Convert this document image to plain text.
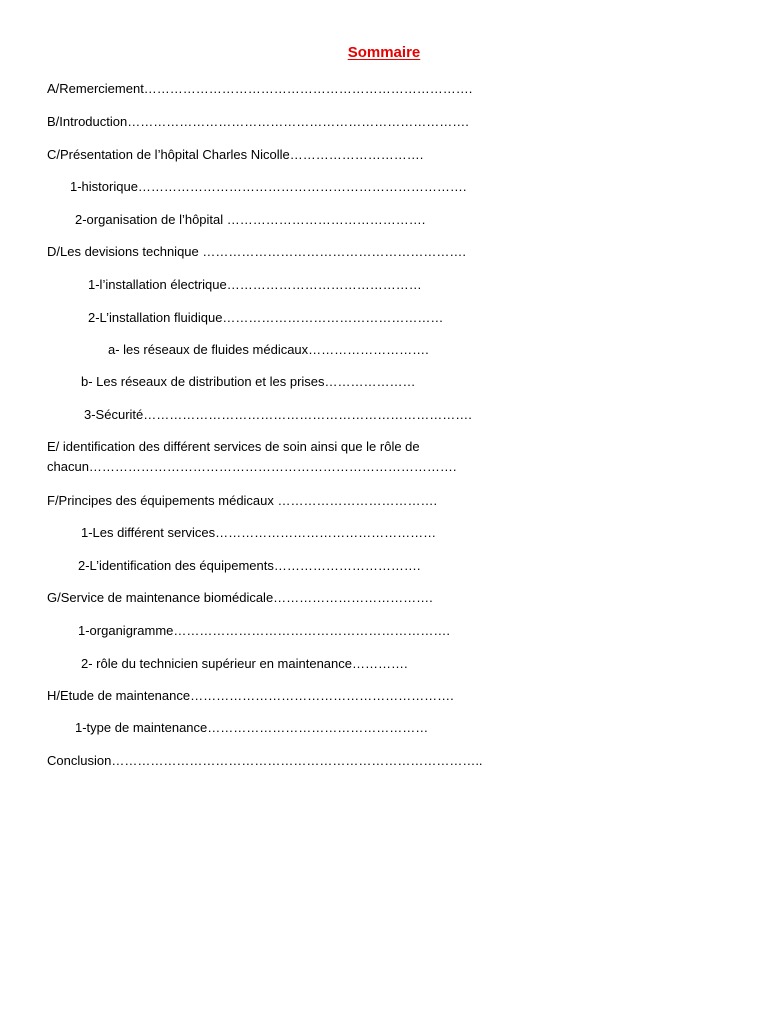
Sommaire
A/Remerciement………………………………………………………………….
B/Introduction…………………………………………………………………….
C/Présentation de l’hôpital Charles Nicolle………………………….
1-historique………………………………………………………………….
2-organisation de l’hôpital ……………………………………….
D/Les devisions technique …………………………………………………….
1-l’installation électrique………………………………………
2-L’installation fluidique……………………………………………
a- les réseaux de fluides médicaux……………………….
b- Les réseaux de distribution et les prises…………………
3-Sécurité………………………………………………………………….
E/ identification des différent services de soin ainsi que le rôle de chacun………………………………………………………………………….
F/Principes des équipements médicaux ……………………………….
1-Les différent services……………………………………………
2-L’identification des équipements…………………………….
G/Service de maintenance biomédicale……………………………….
1-organigramme……………………………………………………….
2- rôle du technicien supérieur en maintenance………….
H/Etude de maintenance…………………………………………………….
1-type de maintenance……………………………………………
Conclusion…………………………………………………………………………..
